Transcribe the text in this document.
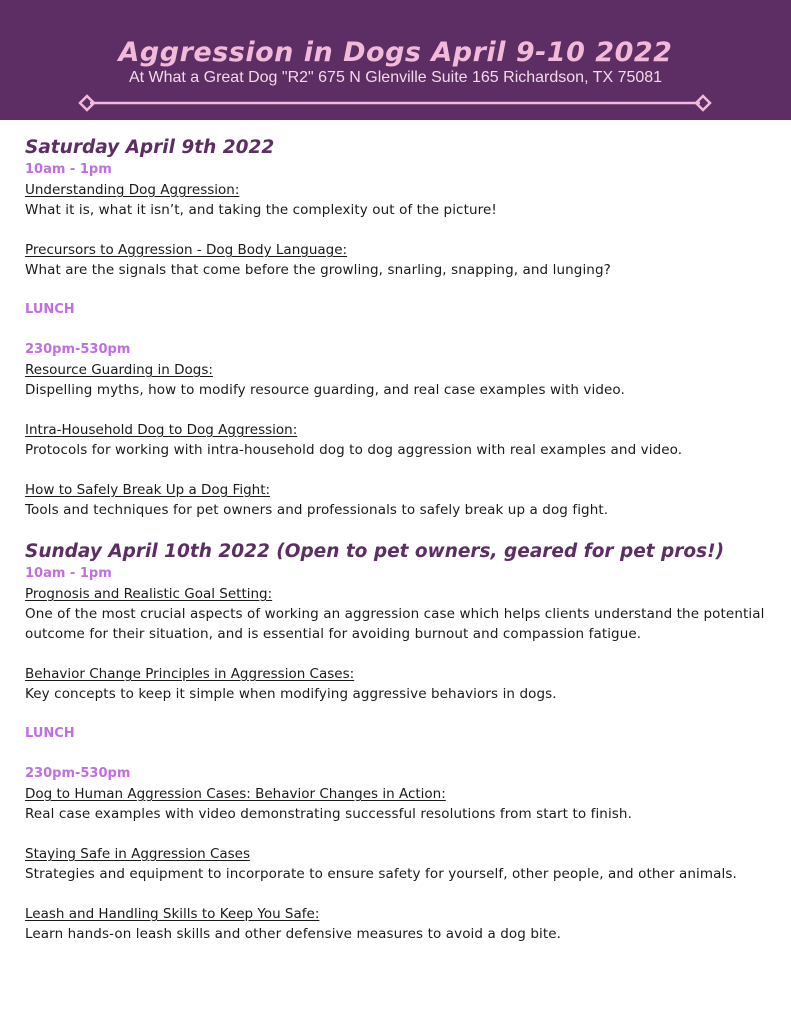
Aggression in Dogs April 9-10 2022
At What a Great Dog "R2" 675 N Glenville Suite 165 Richardson, TX 75081
Saturday April 9th 2022

10am - 1pm

Understanding Dog Aggression:

What it is, what it isn’t, and taking the complexity out of the picture!

Precursors to Aggression - Dog Body Language:

What are the signals that come before the growling, snarling, snapping, and lunging?

LUNCH

230pm-530pm

Resource Guarding in Dogs:

Dispelling myths, how to modify resource guarding, and real case examples with video.

Intra-Household Dog to Dog Aggression:

Protocols for working with intra-household dog to dog aggression with real examples and video.

How to Safely Break Up a Dog Fight:

Tools and techniques for pet owners and professionals to safely break up a dog fight.

Sunday April 10th 2022 (Open to pet owners, geared for pet pros!)

10am - 1pm

Prognosis and Realistic Goal Setting:

One of the most crucial aspects of working an aggression case which helps clients understand the potential outcome for their situation, and is essential for avoiding burnout and compassion fatigue.

Behavior Change Principles in Aggression Cases:

Key concepts to keep it simple when modifying aggressive behaviors in dogs.

LUNCH

230pm-530pm

Dog to Human Aggression Cases: Behavior Changes in Action:

Real case examples with video demonstrating successful resolutions from start to finish.

Staying Safe in Aggression Cases

Strategies and equipment to incorporate to ensure safety for yourself, other people, and other animals.

Leash and Handling Skills to Keep You Safe:

Learn hands-on leash skills and other defensive measures to avoid a dog bite.
